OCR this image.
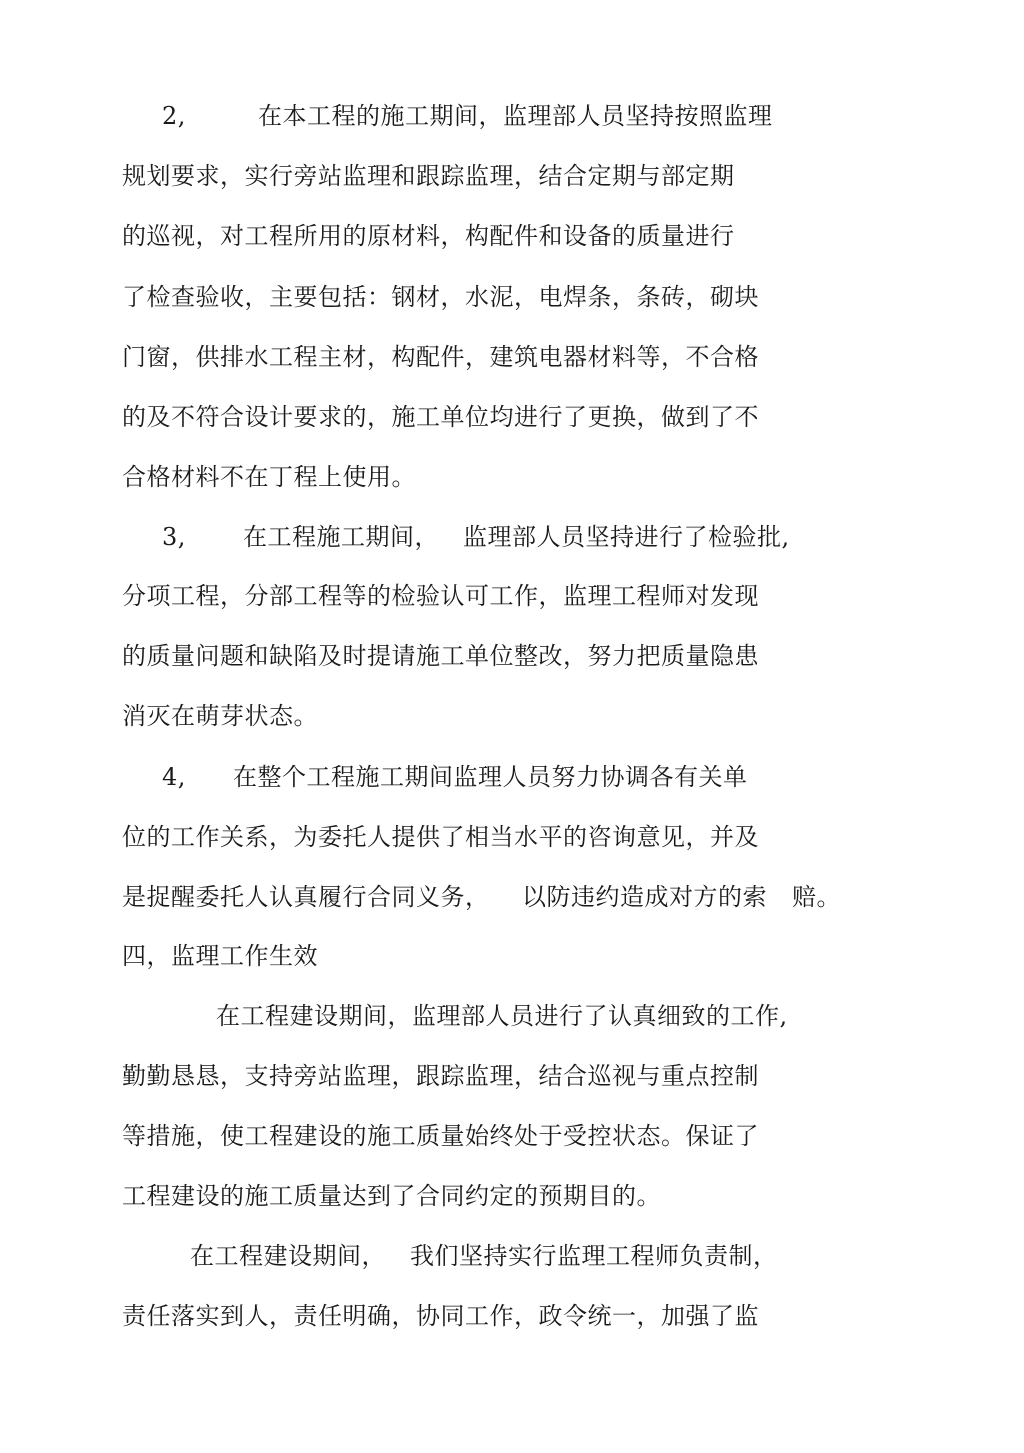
2,	在本工程的施工期间，监理部人员坚持按照监理
规划要求，实行旁站监理和跟踪监理，结合定期与部定期
的巡视，对工程所用的原材料，构配件和设备的质量进行
了检查验收，主要包括：钢材，水泥，电焊条，条砖，砌块
门窗，供排水工程主材，构配件，建筑电器材料等，不合格
的及不符合设计要求的，施工单位均进行了更换，做到了不
合格材料不在丁程上使用。
3, 在工程施工期间， 监理部人员坚持进行了检验批,
分项工程，分部工程等的检验认可工作，监理工程师对发现
的质量问题和缺陷及时提请施工单位整改，努力把质量隐患
消灭在萌芽状态。
4, 在整个工程施工期间监理人员努力协调各有关单
位的工作关系，为委托人提供了相当水平的咨询意见，并及
是捉醒委托人认真履行合同义务， 以防违约造成对方的索 赔。
四，监理工作生效
在工程建设期间，监理部人员进行了认真细致的工作,
勤勤恳恳，支持旁站监理，跟踪监理，结合巡视与重点控制
等措施，使工程建设的施工质量始终处于受控状态。保证了
工程建设的施工质量达到了合同约定的预期目的。
在工程建设期间， 我们坚持实行监理工程师负责制，
责任落实到人，责任明确，协同工作，政令统一，加强了监
